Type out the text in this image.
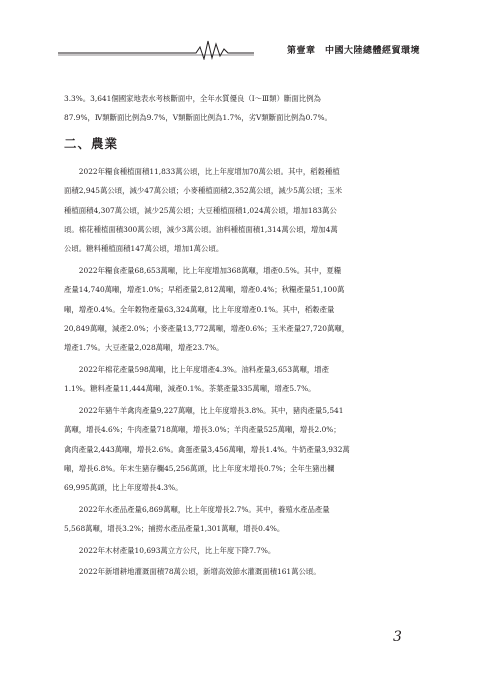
第壹章　中國大陸總體經貿環境

3.3%。3,641個國家地表水考核斷面中，全年水質優良（Ⅰ～Ⅲ類）斷面比例為
87.9%，Ⅳ類斷面比例為9.7%，Ⅴ類斷面比例為1.7%，劣Ⅴ類斷面比例為0.7%。

二、農業

2022年糧食種植面積11,833萬公頃，比上年度增加70萬公頃。其中，稻穀種植
面積2,945萬公頃，減少47萬公頃；小麥種植面積2,352萬公頃，減少5萬公頃；玉米
種植面積4,307萬公頃，減少25萬公頃；大豆種植面積1,024萬公頃，增加183萬公
頃。棉花種植面積300萬公頃，減少3萬公頃。油料種植面積1,314萬公頃，增加4萬
公頃。糖料種植面積147萬公頃，增加1萬公頃。

2022年糧食產量68,653萬噸，比上年度增加368萬噸，增產0.5%。其中，夏糧
產量14,740萬噸，增產1.0%；早稻產量2,812萬噸，增產0.4%；秋糧產量51,100萬
噸，增產0.4%。全年穀物產量63,324萬噸，比上年度增產0.1%。其中，稻穀產量
20,849萬噸，減產2.0%；小麥產量13,772萬噸，增產0.6%；玉米產量27,720萬噸，
增產1.7%。大豆產量2,028萬噸，增產23.7%。

2022年棉花產量598萬噸，比上年度增產4.3%。油料產量3,653萬噸，增產
1.1%。糖料產量11,444萬噸，減產0.1%。茶葉產量335萬噸，增產5.7%。

2022年豬牛羊禽肉產量9,227萬噸，比上年度增長3.8%。其中，豬肉產量5,541
萬噸，增長4.6%；牛肉產量718萬噸，增長3.0%；羊肉產量525萬噸，增長2.0%；
禽肉產量2,443萬噸，增長2.6%。禽蛋產量3,456萬噸，增長1.4%。牛奶產量3,932萬
噸，增長6.8%。年末生豬存欄45,256萬頭，比上年度末增長0.7%；全年生豬出欄
69,995萬頭，比上年度增長4.3%。

2022年水產品產量6,869萬噸，比上年度增長2.7%。其中，養殖水產品產量
5,568萬噸，增長3.2%；捕撈水產品產量1,301萬噸，增長0.4%。

2022年木材產量10,693萬立方公尺，比上年度下降7.7%。

2022年新增耕地灌溉面積78萬公頃，新增高效節水灌溉面積161萬公頃。

3
